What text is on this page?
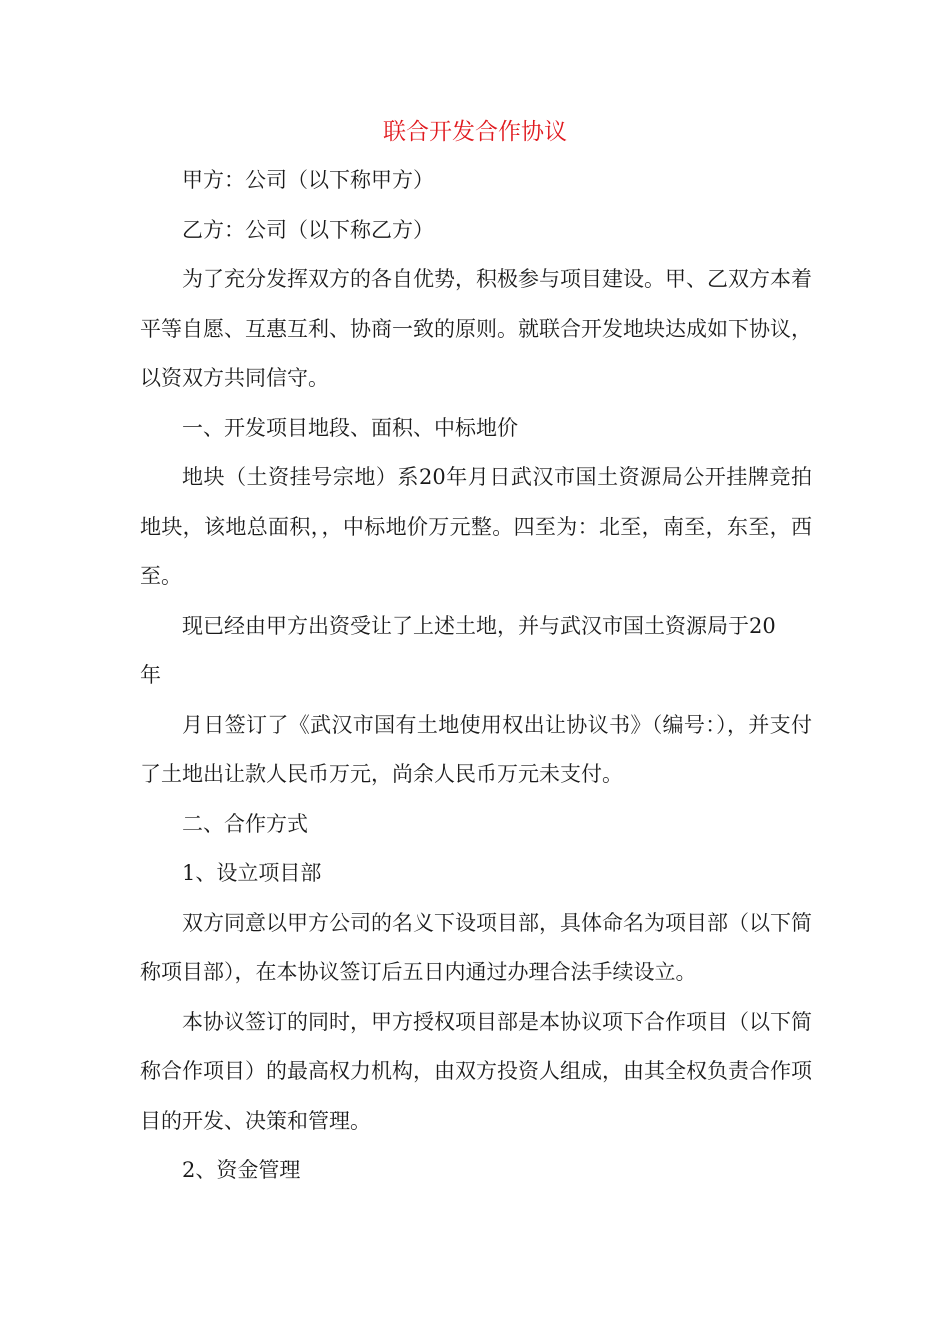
联合开发合作协议

甲方：公司（以下称甲方）

乙方：公司（以下称乙方）

为了充分发挥双方的各自优势，积极参与项目建设。甲、乙双方本着平等自愿、互惠互利、协商一致的原则。就联合开发地块达成如下协议，以资双方共同信守。

一、开发项目地段、面积、中标地价

地块（土资挂号宗地）系20年月日武汉市国土资源局公开挂牌竞拍地块，该地总面积，，中标地价万元整。四至为：北至，南至，东至，西至。

现已经由甲方出资受让了上述土地，并与武汉市国土资源局于20

年

月日签订了《武汉市国有土地使用权出让协议书》（编号：），并支付了土地出让款人民币万元，尚余人民币万元未支付。

二、合作方式

1、设立项目部

双方同意以甲方公司的名义下设项目部，具体命名为项目部（以下简称项目部），在本协议签订后五日内通过办理合法手续设立。

本协议签订的同时，甲方授权项目部是本协议项下合作项目（以下简称合作项目）的最高权力机构，由双方投资人组成，由其全权负责合作项目的开发、决策和管理。

2、资金管理
